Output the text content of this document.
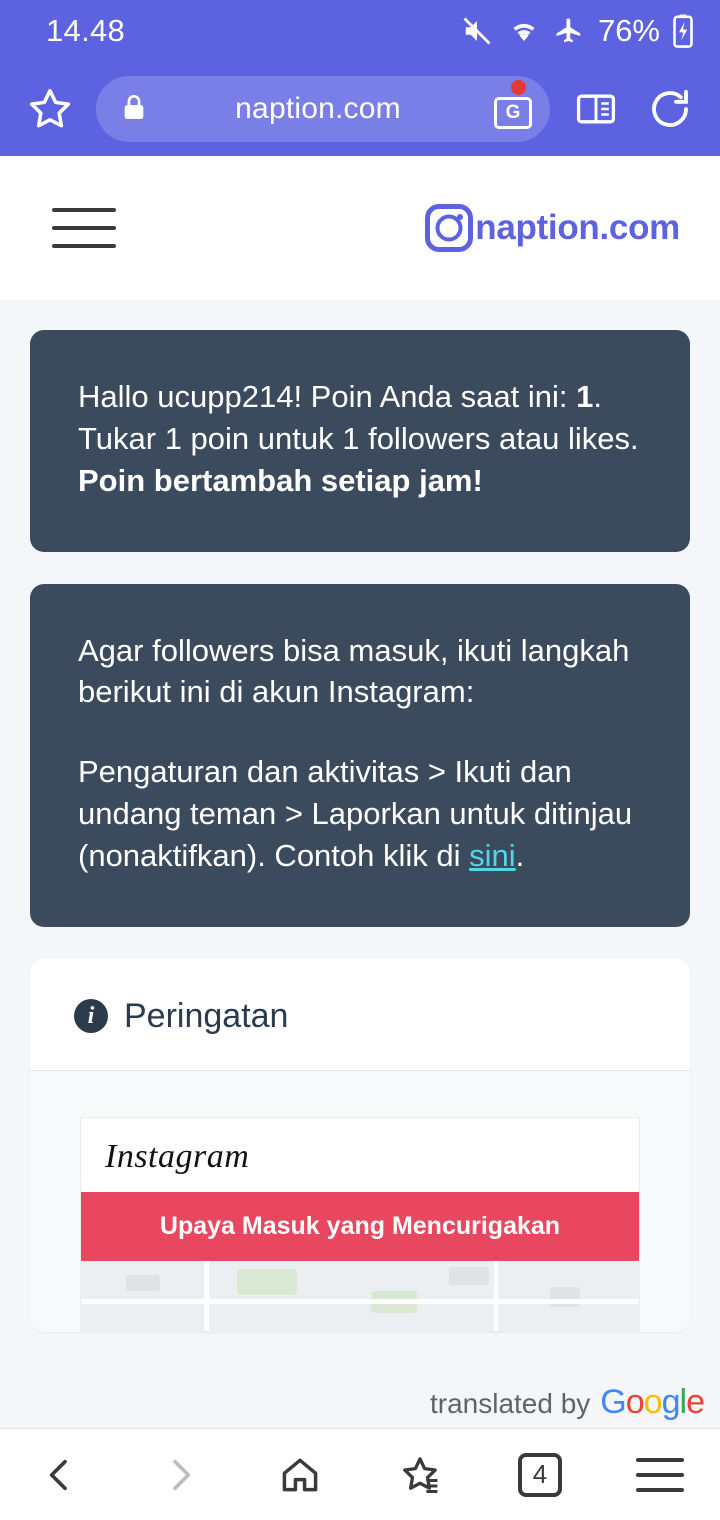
14.48	76%
naption.com	G
naption.com
Hallo ucupp214! Poin Anda saat ini: 1. Tukar 1 poin untuk 1 followers atau likes. Poin bertambah setiap jam!
Agar followers bisa masuk, ikuti langkah berikut ini di akun Instagram:
Pengaturan dan aktivitas > Ikuti dan undang teman > Laporkan untuk ditinjau (nonaktifkan). Contoh klik di sini.
i Peringatan
Instagram
Upaya Masuk yang Mencurigakan
translated by Google
4
